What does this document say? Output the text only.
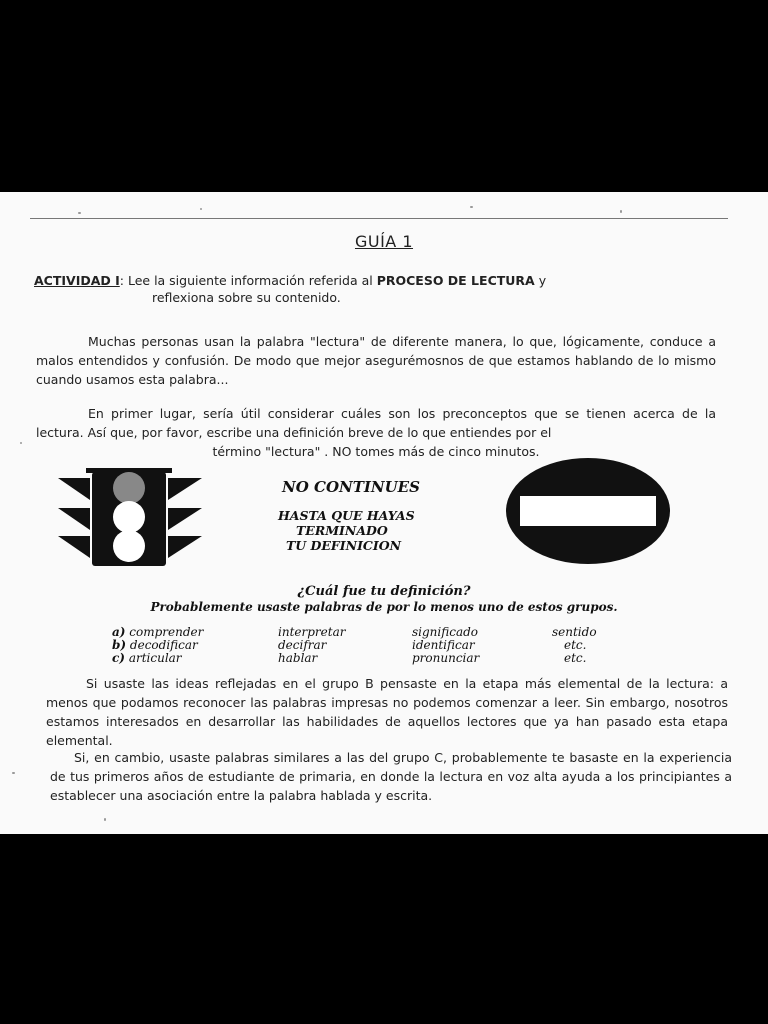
GUÍA 1
ACTIVIDAD I: Lee la siguiente información referida al PROCESO DE LECTURA y
reflexiona sobre su contenido.
Muchas personas usan la palabra "lectura" de diferente manera, lo que, lógicamente, conduce a malos entendidos y confusión. De modo que mejor asegurémosnos de que estamos hablando de lo mismo cuando usamos esta palabra...
En primer lugar, sería útil considerar cuáles son los preconceptos que se tienen acerca de la lectura. Así que, por favor, escribe una definición breve de lo que entiendes por el
término "lectura" . NO tomes más de cinco minutos.
NO CONTINUES
HASTA QUE HAYAS
TERMINADO
TU DEFINICION
¿Cuál fue tu definición?
Probablemente usaste palabras de por lo menos uno de estos grupos.
a) comprender	interpretar	significado	sentido
b) decodificar	decifrar	identificar	etc.
c) articular	hablar	pronunciar	etc.
Si usaste las ideas reflejadas en el grupo B pensaste en la etapa más elemental de la lectura: a menos que podamos reconocer las palabras impresas no podemos comenzar a leer. Sin embargo, nosotros estamos interesados en desarrollar las habilidades de aquellos lectores que ya han pasado esta etapa elemental.
Si, en cambio, usaste palabras similares a las del grupo C, probablemente te basaste en la experiencia de tus primeros años de estudiante de primaria, en donde la lectura en voz alta ayuda a los principiantes a establecer una asociación entre la palabra hablada y escrita.
